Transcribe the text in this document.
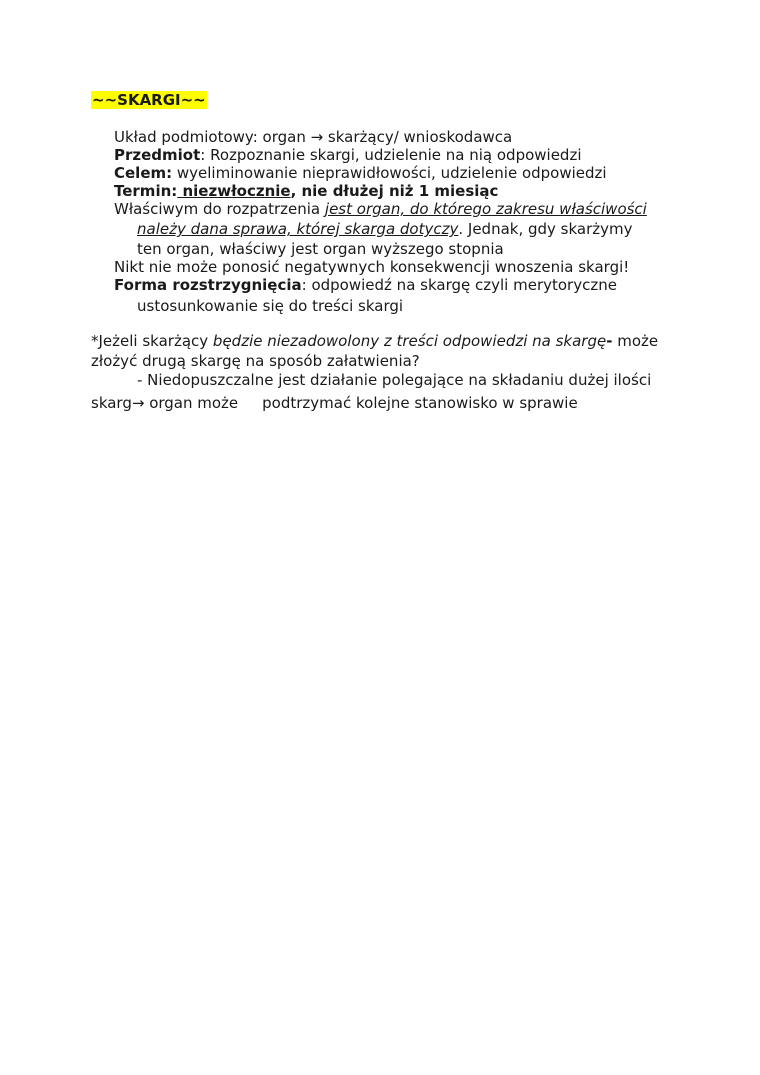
~~SKARGI~~
Układ podmiotowy: organ → skarżący/ wnioskodawca
Przedmiot: Rozpoznanie skargi, udzielenie na nią odpowiedzi
Celem: wyeliminowanie nieprawidłowości, udzielenie odpowiedzi
Termin: niezwłocznie, nie dłużej niż 1 miesiąc
Właściwym do rozpatrzenia jest organ, do którego zakresu właściwości
należy dana sprawa, której skarga dotyczy. Jednak, gdy skarżymy
ten organ, właściwy jest organ wyższego stopnia
Nikt nie może ponosić negatywnych konsekwencji wnoszenia skargi!
Forma rozstrzygnięcia: odpowiedź na skargę czyli merytoryczne
ustosunkowanie się do treści skargi
*Jeżeli skarżący będzie niezadowolony z treści odpowiedzi na skargę- może
złożyć drugą skargę na sposób załatwienia?
- Niedopuszczalne jest działanie polegające na składaniu dużej ilości
skarg→ organ może podtrzymać kolejne stanowisko w sprawie
